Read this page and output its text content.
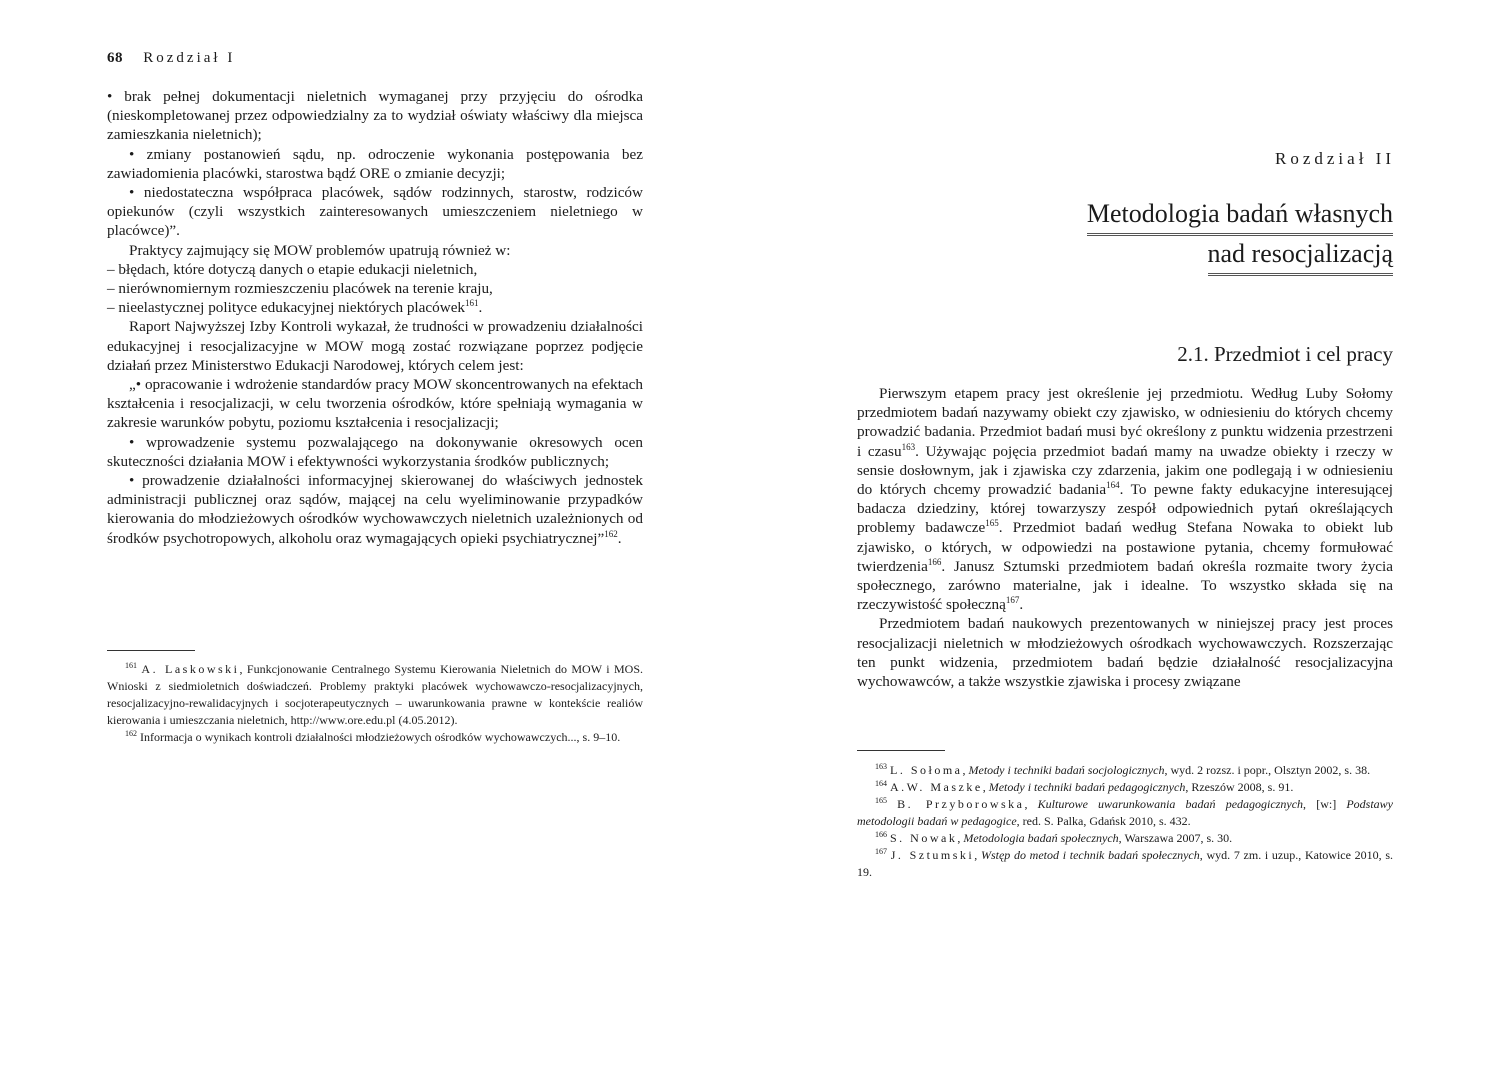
68 Rozdział I

• brak pełnej dokumentacji nieletnich wymaganej przy przyjęciu do ośrodka (nieskompletowanej przez odpowiedzialny za to wydział oświaty właściwy dla miejsca zamieszkania nieletnich);

• zmiany postanowień sądu, np. odroczenie wykonania postępowania bez zawiadomienia placówki, starostwa bądź ORE o zmianie decyzji;

• niedostateczna współpraca placówek, sądów rodzinnych, starostw, rodziców opiekunów (czyli wszystkich zainteresowanych umieszczeniem nieletniego w placówce)”.

Praktycy zajmujący się MOW problemów upatrują również w:

– błędach, które dotyczą danych o etapie edukacji nieletnich,

– nierównomiernym rozmieszczeniu placówek na terenie kraju,

– nieelastycznej polityce edukacyjnej niektórych placówek$^{161}$.

Raport Najwyższej Izby Kontroli wykazał, że trudności w prowadzeniu działalności edukacyjnej i resocjalizacyjne w MOW mogą zostać rozwiązane poprzez podjęcie działań przez Ministerstwo Edukacji Narodowej, których celem jest:

„• opracowanie i wdrożenie standardów pracy MOW skoncentrowanych na efektach kształcenia i resocjalizacji, w celu tworzenia ośrodków, które spełniają wymagania w zakresie warunków pobytu, poziomu kształcenia i resocjalizacji;

• wprowadzenie systemu pozwalającego na dokonywanie okresowych ocen skuteczności działania MOW i efektywności wykorzystania środków publicznych;

• prowadzenie działalności informacyjnej skierowanej do właściwych jednostek administracji publicznej oraz sądów, mającej na celu wyeliminowanie przypadków kierowania do młodzieżowych ośrodków wychowawczych nieletnich uzależnionych od środków psychotropowych, alkoholu oraz wymagających opieki psychiatrycznej”$^{162}$.

$^{161}$ A. Laskowski, Funkcjonowanie Centralnego Systemu Kierowania Nieletnich do MOW i MOS. Wnioski z siedmioletnich doświadczeń. Problemy praktyki placówek wychowawczo-resocjalizacyjnych, resocjalizacyjno-rewalidacyjnych i socjoterapeutycznych – uwarunkowania prawne w kontekście realiów kierowania i umieszczania nieletnich, http://www.ore.edu.pl (4.05.2012).

$^{162}$ Informacja o wynikach kontroli działalności młodzieżowych ośrodków wychowawczych..., s. 9–10.

Rozdział II
Metodologia badań własnych
nad resocjalizacją
2.1. Przedmiot i cel pracy

Pierwszym etapem pracy jest określenie jej przedmiotu. Według Luby Sołomy przedmiotem badań nazywamy obiekt czy zjawisko, w odniesieniu do których chcemy prowadzić badania. Przedmiot badań musi być określony z punktu widzenia przestrzeni i czasu$^{163}$. Używając pojęcia przedmiot badań mamy na uwadze obiekty i rzeczy w sensie dosłownym, jak i zjawiska czy zdarzenia, jakim one podlegają i w odniesieniu do których chcemy prowadzić badania$^{164}$. To pewne fakty edukacyjne interesującej badacza dziedziny, której towarzyszy zespół odpowiednich pytań określających problemy badawcze$^{165}$. Przedmiot badań według Stefana Nowaka to obiekt lub zjawisko, o których, w odpowiedzi na postawione pytania, chcemy formułować twierdzenia$^{166}$. Janusz Sztumski przedmiotem badań określa rozmaite twory życia społecznego, zarówno materialne, jak i idealne. To wszystko składa się na rzeczywistość społeczną$^{167}$.

Przedmiotem badań naukowych prezentowanych w niniejszej pracy jest proces resocjalizacji nieletnich w młodzieżowych ośrodkach wychowawczych. Rozszerzając ten punkt widzenia, przedmiotem badań będzie działalność resocjalizacyjna wychowawców, a także wszystkie zjawiska i procesy związane

$^{163}$ L. Sołoma, Metody i techniki badań socjologicznych, wyd. 2 rozsz. i popr., Olsztyn 2002, s. 38.

$^{164}$ A.W. Maszke, Metody i techniki badań pedagogicznych, Rzeszów 2008, s. 91.

$^{165}$ B. Przyborowska, Kulturowe uwarunkowania badań pedagogicznych, [w:] Podstawy metodologii badań w pedagogice, red. S. Palka, Gdańsk 2010, s. 432.

$^{166}$ S. Nowak, Metodologia badań społecznych, Warszawa 2007, s. 30.

$^{167}$ J. Sztumski, Wstęp do metod i technik badań społecznych, wyd. 7 zm. i uzup., Katowice 2010, s. 19.
